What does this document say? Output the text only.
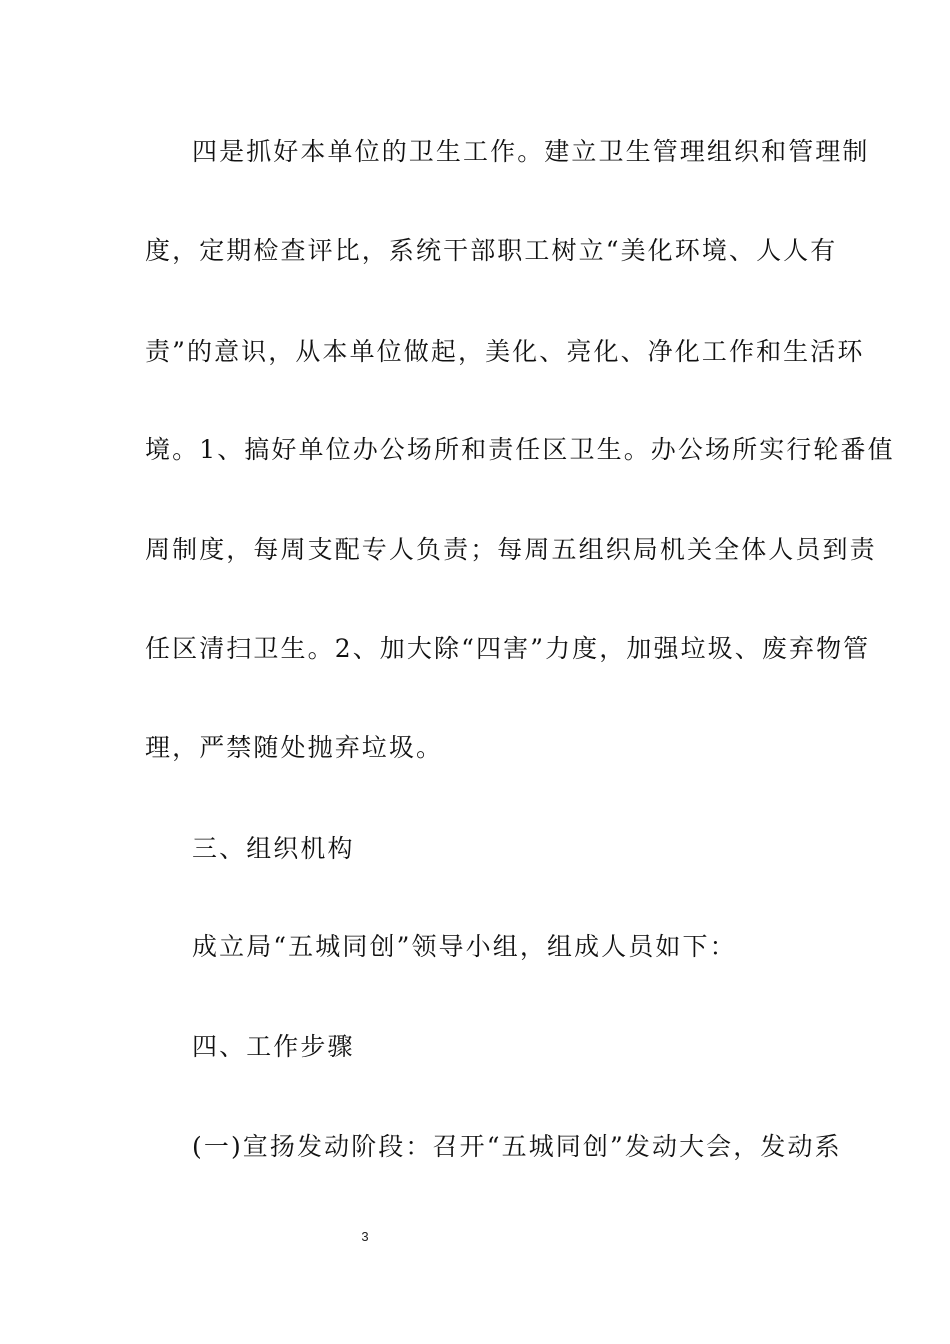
四是抓好本单位的卫生工作。建立卫生管理组织和管理制
度，定期检查评比，系统干部职工树立“美化环境、人人有
责”的意识，从本单位做起，美化、亮化、净化工作和生活环
境。1、搞好单位办公场所和责任区卫生。办公场所实行轮番值
周制度，每周支配专人负责；每周五组织局机关全体人员到责
任区清扫卫生。2、加大除“四害”力度，加强垃圾、废弃物管
理，严禁随处抛弃垃圾。
三、组织机构
成立局“五城同创”领导小组，组成人员如下：
四、工作步骤
(一)宣扬发动阶段：召开“五城同创”发动大会，发动系
3
